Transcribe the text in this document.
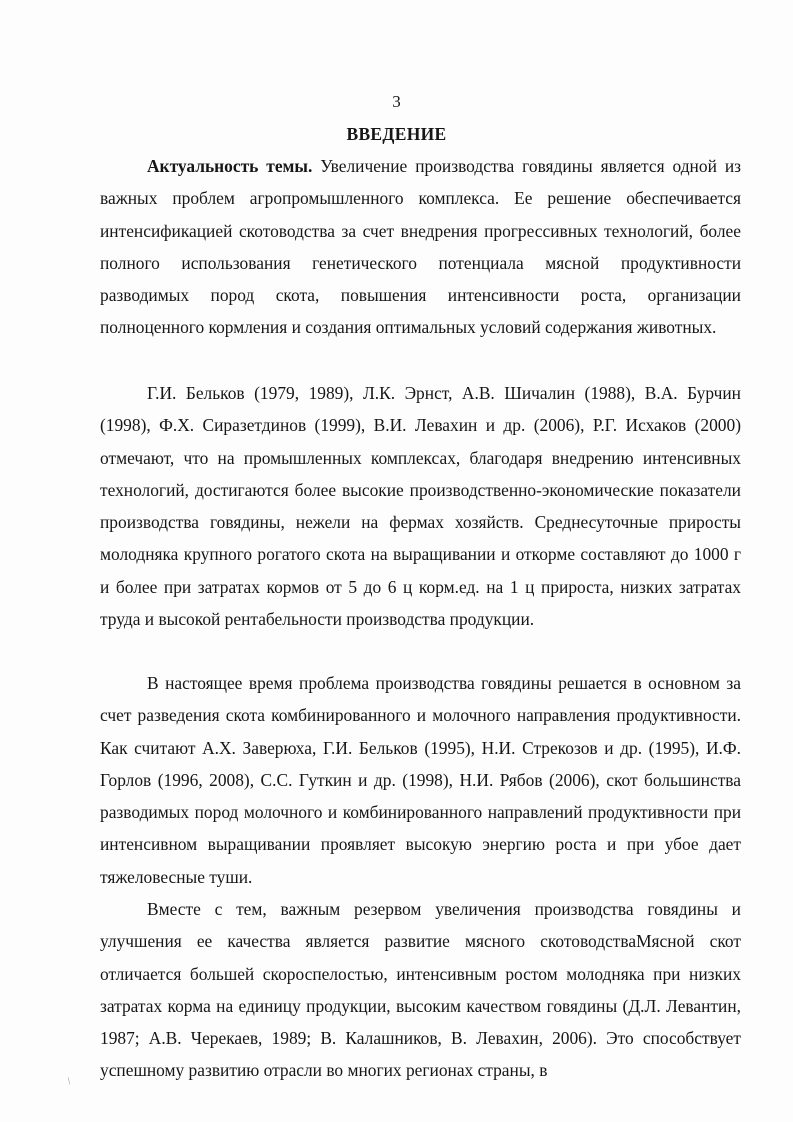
3
ВВЕДЕНИЕ

Актуальность темы. Увеличение производства говядины является одной из важных проблем агропромышленного комплекса. Ее решение обеспечивается интенсификацией скотоводства за счет внедрения прогрессивных технологий, более полного использования генетического потенциала мясной продуктивности разводимых пород скота, повышения интенсивности роста, организации полноценного кормления и создания оптимальных условий содержания животных.

Г.И. Бельков (1979, 1989), Л.К. Эрнст, А.В. Шичалин (1988), В.А. Бурчин (1998), Ф.Х. Сиразетдинов (1999), В.И. Левахин и др. (2006), Р.Г. Исхаков (2000) отмечают, что на промышленных комплексах, благодаря внедрению интенсивных технологий, достигаются более высокие производственно-экономические показатели производства говядины, нежели на фермах хозяйств. Среднесуточные приросты молодняка крупного рогатого скота на выращивании и откорме составляют до 1000 г и более при затратах кормов от 5 до 6 ц корм.ед. на 1 ц прироста, низких затратах труда и высокой рентабельности производства продукции.

В настоящее время проблема производства говядины решается в основном за счет разведения скота комбинированного и молочного направления продуктивности. Как считают А.Х. Заверюха, Г.И. Бельков (1995), Н.И. Стрекозов и др. (1995), И.Ф. Горлов (1996, 2008), С.С. Гуткин и др. (1998), Н.И. Рябов (2006), скот большинства разводимых пород молочного и комбинированного направлений продуктивности при интенсивном выращивании проявляет высокую энергию роста и при убое дает тяжеловесные туши.

Вместе с тем, важным резервом увеличения производства говядины и улучшения ее качества является развитие мясного скотоводстваМясной скот отличается большей скороспелостью, интенсивным ростом молодняка при низких затратах корма на единицу продукции, высоким качеством говядины (Д.Л. Левантин, 1987; А.В. Черекаев, 1989; В. Калашников, В. Левахин, 2006). Это способствует успешному развитию отрасли во многих регионах страны, в

/
